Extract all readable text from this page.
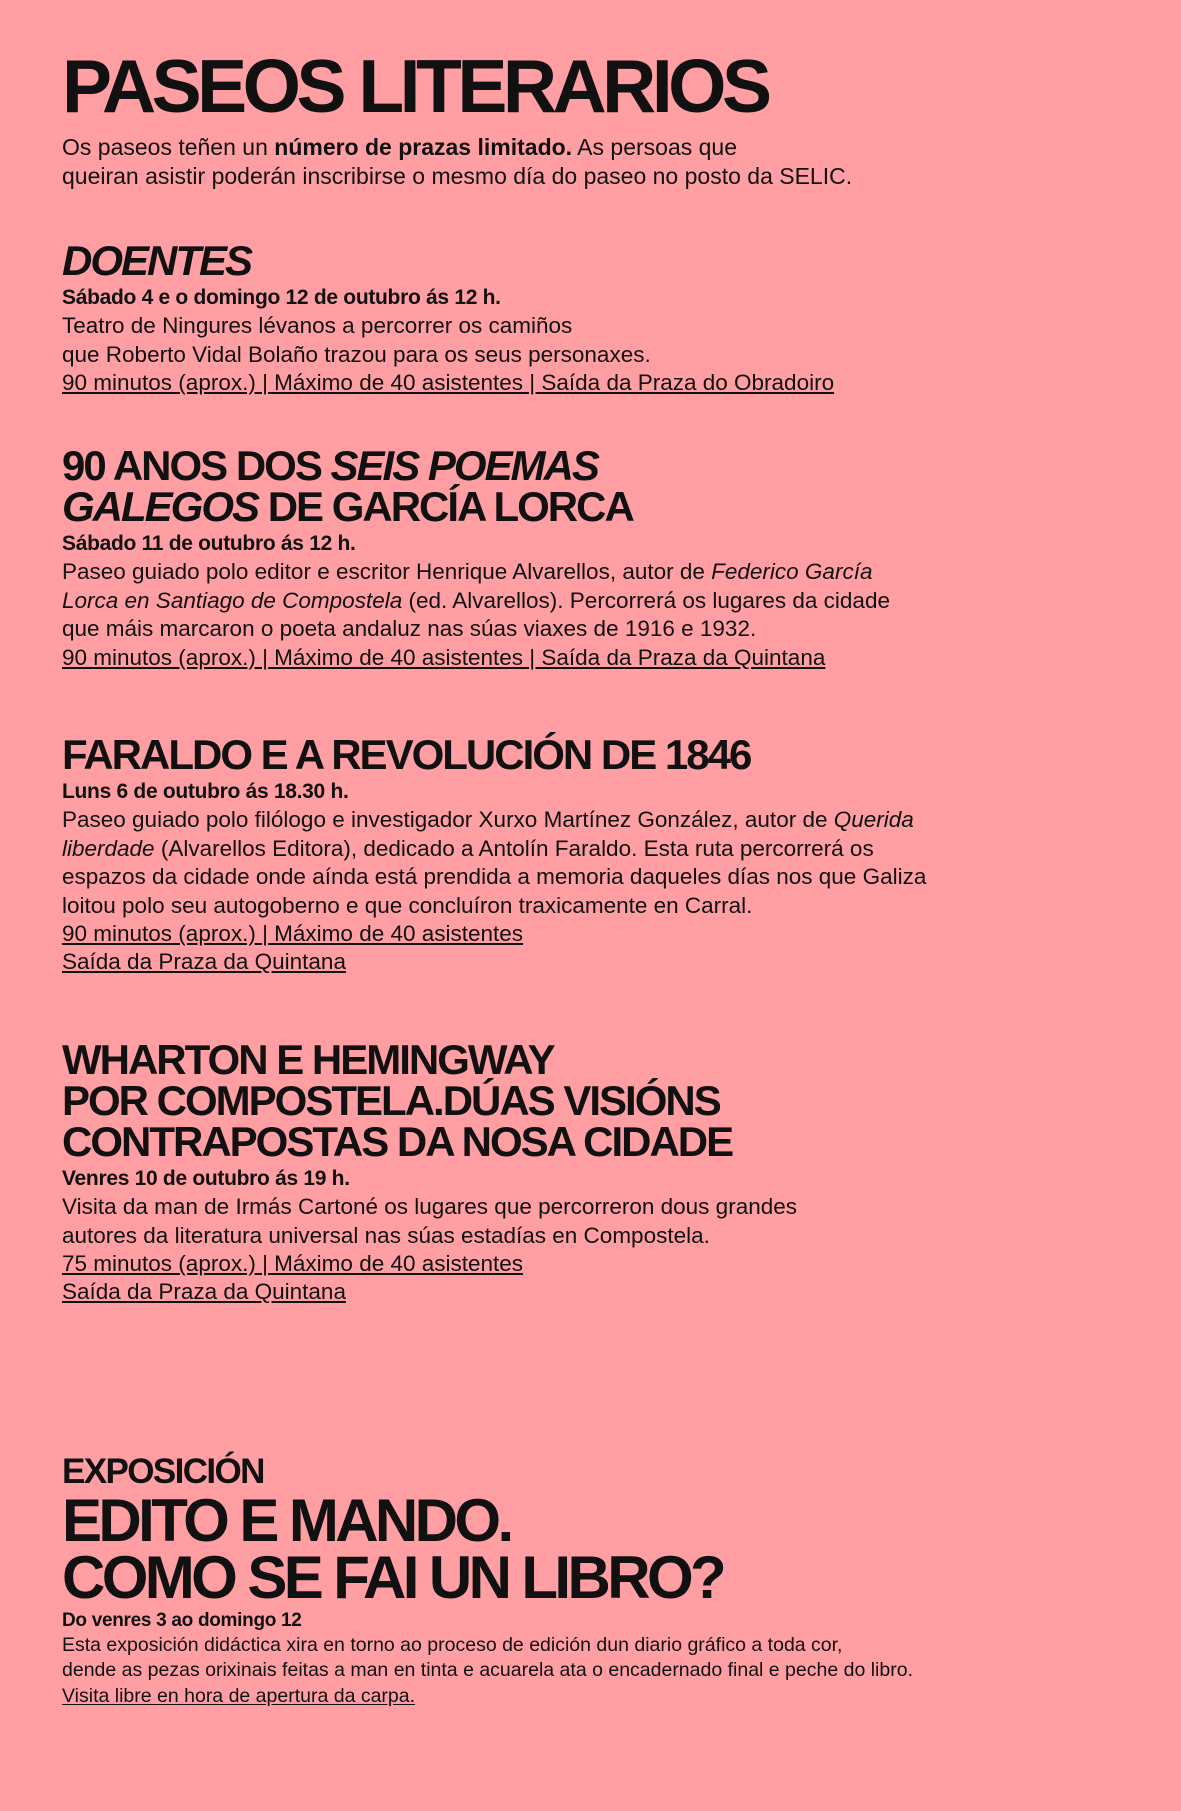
PASEOS LITERARIOS

Os paseos teñen un número de prazas limitado. As persoas que
queiran asistir poderán inscribirse o mesmo día do paseo no posto da SELIC.

DOENTES

Sábado 4 e o domingo 12 de outubro ás 12 h.

Teatro de Ningures lévanos a percorrer os camiños
que Roberto Vidal Bolaño trazou para os seus personaxes.

90 minutos (aprox.) | Máximo de 40 asistentes | Saída da Praza do Obradoiro

90 ANOS DOS SEIS POEMAS
GALEGOS DE GARCÍA LORCA

Sábado 11 de outubro ás 12 h.

Paseo guiado polo editor e escritor Henrique Alvarellos, autor de Federico García
Lorca en Santiago de Compostela (ed. Alvarellos). Percorrerá os lugares da cidade
que máis marcaron o poeta andaluz nas súas viaxes de 1916 e 1932.

90 minutos (aprox.) | Máximo de 40 asistentes | Saída da Praza da Quintana

FARALDO E A REVOLUCIÓN DE 1846

Luns 6 de outubro ás 18.30 h.

Paseo guiado polo filólogo e investigador Xurxo Martínez González, autor de Querida
liberdade (Alvarellos Editora), dedicado a Antolín Faraldo. Esta ruta percorrerá os
espazos da cidade onde aínda está prendida a memoria daqueles días nos que Galiza
loitou polo seu autogoberno e que concluíron traxicamente en Carral.

90 minutos (aprox.) | Máximo de 40 asistentes
Saída da Praza da Quintana

WHARTON E HEMINGWAY
POR COMPOSTELA.DÚAS VISIÓNS
CONTRAPOSTAS DA NOSA CIDADE

Venres 10 de outubro ás 19 h.

Visita da man de Irmás Cartoné os lugares que percorreron dous grandes
autores da literatura universal nas súas estadías en Compostela.

75 minutos (aprox.) | Máximo de 40 asistentes
Saída da Praza da Quintana

EXPOSICIÓN

EDITO E MANDO.
COMO SE FAI UN LIBRO?

Do venres 3 ao domingo 12

Esta exposición didáctica xira en torno ao proceso de edición dun diario gráfico a toda cor,
dende as pezas orixinais feitas a man en tinta e acuarela ata o encadernado final e peche do libro.

Visita libre en hora de apertura da carpa.
